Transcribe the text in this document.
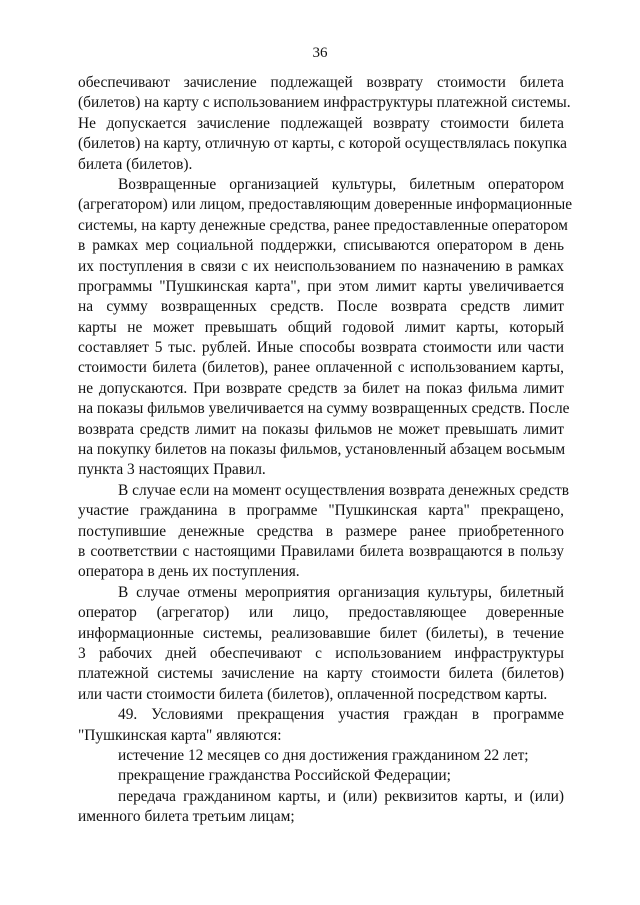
36
обеспечивают зачисление подлежащей возврату стоимости билета
(билетов) на карту с использованием инфраструктуры платежной системы.
Не допускается зачисление подлежащей возврату стоимости билета
(билетов) на карту, отличную от карты, с которой осуществлялась покупка
билета (билетов).
Возвращенные организацией культуры, билетным оператором
(агрегатором) или лицом, предоставляющим доверенные информационные
системы, на карту денежные средства, ранее предоставленные оператором
в рамках мер социальной поддержки, списываются оператором в день
их поступления в связи с их неиспользованием по назначению в рамках
программы "Пушкинская карта", при этом лимит карты увеличивается
на сумму возвращенных средств. После возврата средств лимит
карты не может превышать общий годовой лимит карты, который
составляет 5 тыс. рублей. Иные способы возврата стоимости или части
стоимости билета (билетов), ранее оплаченной с использованием карты,
не допускаются. При возврате средств за билет на показ фильма лимит
на показы фильмов увеличивается на сумму возвращенных средств. После
возврата средств лимит на показы фильмов не может превышать лимит
на покупку билетов на показы фильмов, установленный абзацем восьмым
пункта 3 настоящих Правил.
В случае если на момент осуществления возврата денежных средств
участие гражданина в программе "Пушкинская карта" прекращено,
поступившие денежные средства в размере ранее приобретенного
в соответствии с настоящими Правилами билета возвращаются в пользу
оператора в день их поступления.
В случае отмены мероприятия организация культуры, билетный
оператор (агрегатор) или лицо, предоставляющее доверенные
информационные системы, реализовавшие билет (билеты), в течение
3 рабочих дней обеспечивают с использованием инфраструктуры
платежной системы зачисление на карту стоимости билета (билетов)
или части стоимости билета (билетов), оплаченной посредством карты.
49. Условиями прекращения участия граждан в программе
"Пушкинская карта" являются:
истечение 12 месяцев со дня достижения гражданином 22 лет;
прекращение гражданства Российской Федерации;
передача гражданином карты, и (или) реквизитов карты, и (или)
именного билета третьим лицам;
